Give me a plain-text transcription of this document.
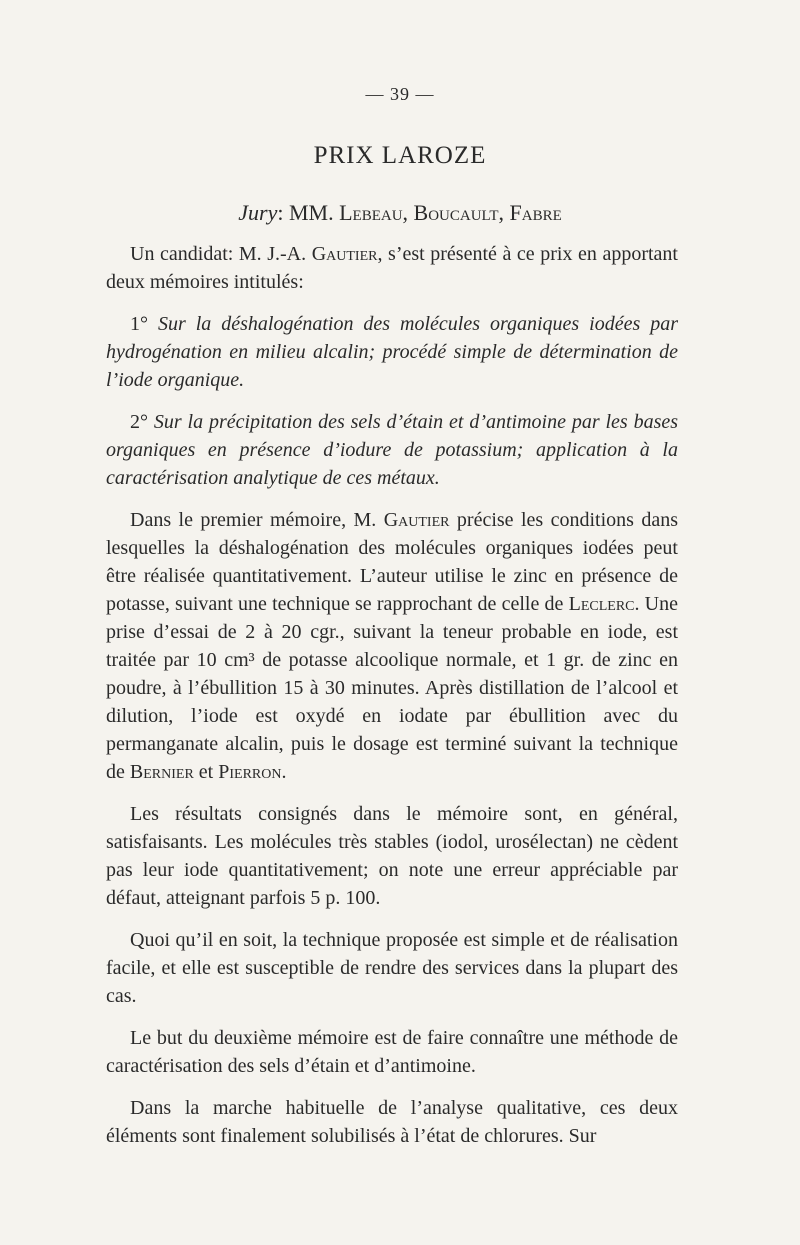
— 39 —
PRIX LAROZE
Jury: MM. Lebeau, Boucault, Fabre

Un candidat: M. J.-A. Gautier, s’est présenté à ce prix en apportant deux mémoires intitulés:

1° Sur la déshalogénation des molécules organiques iodées par hydrogénation en milieu alcalin; procédé simple de détermination de l’iode organique.

2° Sur la précipitation des sels d’étain et d’antimoine par les bases organiques en présence d’iodure de potassium; application à la caractérisation analytique de ces métaux.

Dans le premier mémoire, M. Gautier précise les conditions dans lesquelles la déshalogénation des molécules organiques iodées peut être réalisée quantitativement. L’auteur utilise le zinc en présence de potasse, suivant une technique se rapprochant de celle de Leclerc. Une prise d’essai de 2 à 20 cgr., suivant la teneur probable en iode, est traitée par 10 cm³ de potasse alcoolique normale, et 1 gr. de zinc en poudre, à l’ébullition 15 à 30 minutes. Après distillation de l’alcool et dilution, l’iode est oxydé en iodate par ébullition avec du permanganate alcalin, puis le dosage est terminé suivant la technique de Bernier et Pierron.

Les résultats consignés dans le mémoire sont, en général, satisfaisants. Les molécules très stables (iodol, urosélectan) ne cèdent pas leur iode quantitativement; on note une erreur appréciable par défaut, atteignant parfois 5 p. 100.

Quoi qu’il en soit, la technique proposée est simple et de réalisation facile, et elle est susceptible de rendre des services dans la plupart des cas.

Le but du deuxième mémoire est de faire connaître une méthode de caractérisation des sels d’étain et d’antimoine.

Dans la marche habituelle de l’analyse qualitative, ces deux éléments sont finalement solubilisés à l’état de chlorures. Sur
